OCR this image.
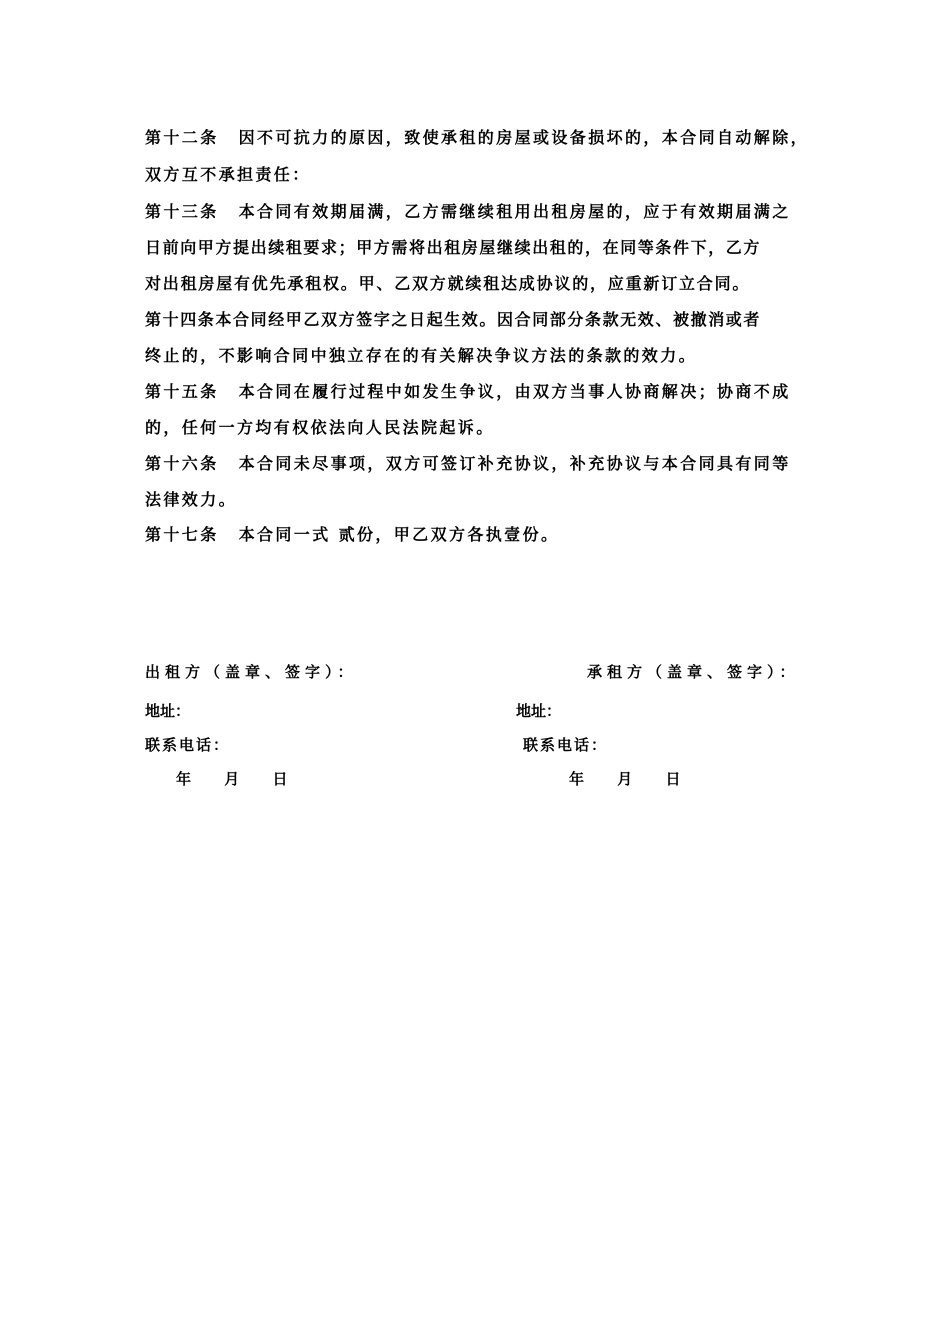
第十二条 因不可抗力的原因，致使承租的房屋或设备损坏的，本合同自动解除，
双方互不承担责任：
第十三条 本合同有效期届满，乙方需继续租用出租房屋的，应于有效期届满之
日前向甲方提出续租要求；甲方需将出租房屋继续出租的，在同等条件下，乙方
对出租房屋有优先承租权。甲、乙双方就续租达成协议的，应重新订立合同。
第十四条本合同经甲乙双方签字之日起生效。因合同部分条款无效、被撤消或者
终止的，不影响合同中独立存在的有关解决争议方法的条款的效力。
第十五条 本合同在履行过程中如发生争议，由双方当事人协商解决；协商不成
的，任何一方均有权依法向人民法院起诉。
第十六条 本合同未尽事项，双方可签订补充协议，补充协议与本合同具有同等
法律效力。
第十七条 本合同一式 贰份，甲乙双方各执壹份。
出租方（盖章、签字）：
地址：
联系电话：
年 月 日
承租方（盖章、签字）：
地址：
联系电话：
年 月 日
